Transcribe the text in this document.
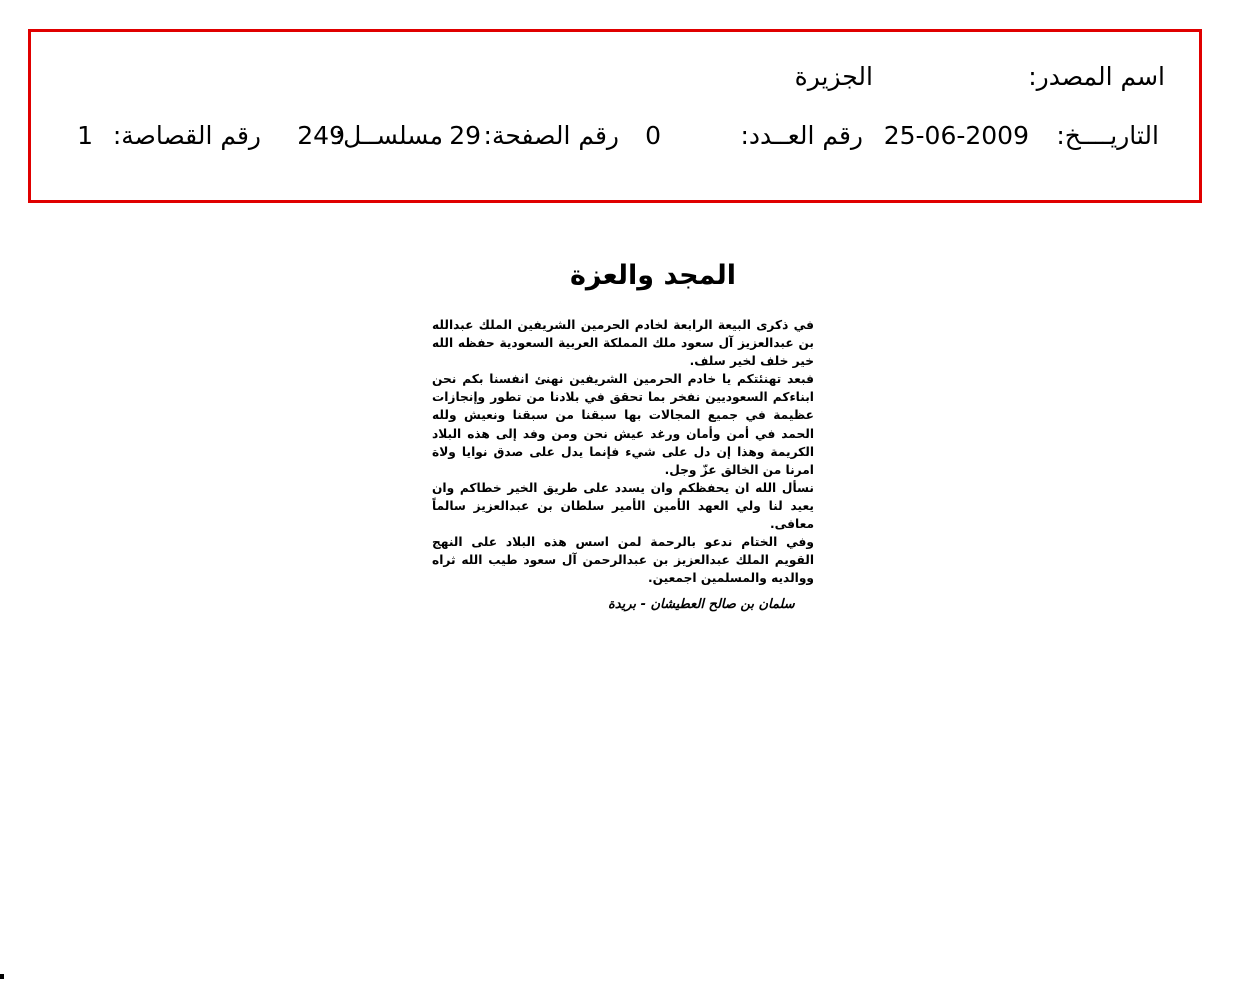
اسم المصدر:
الجزيرة
التاريــــخ:
25-06-2009
رقم العــدد:
0
رقم الصفحة:
29
مسلســل:
249
رقم القصاصة:
1
المجد والعزة

في ذكرى البيعة الرابعة لخادم الحرمين الشريفين الملك عبدالله بن عبدالعزيز آل سعود ملك المملكة العربية السعودية حفظه الله خير خلف لخير سلف.

فبعد تهنئتكم يا خادم الحرمين الشريفين نهنئ انفسنا بكم نحن ابناءكم السعوديين نفخر بما تحقق في بلادنا من تطور وإنجازات عظيمة في جميع المجالات بها سبقنا من سبقنا ونعيش ولله الحمد في أمن وأمان ورغد عيش نحن ومن وفد إلى هذه البلاد الكريمة وهذا إن دل على شيء فإنما يدل على صدق نوايا ولاة امرنا من الخالق عزّ وجل.

نسأل الله ان يحفظكم وان يسدد على طريق الخير خطاكم وان يعيد لنا ولي العهد الأمين الأمير سلطان بن عبدالعزيز سالماً معافى.

وفي الختام ندعو بالرحمة لمن اسس هذه البلاد على النهج القويم الملك عبدالعزيز بن عبدالرحمن آل سعود طيب الله ثراه ووالديه والمسلمين اجمعين.

سلمان بن صالح العطيشان - بريدة
